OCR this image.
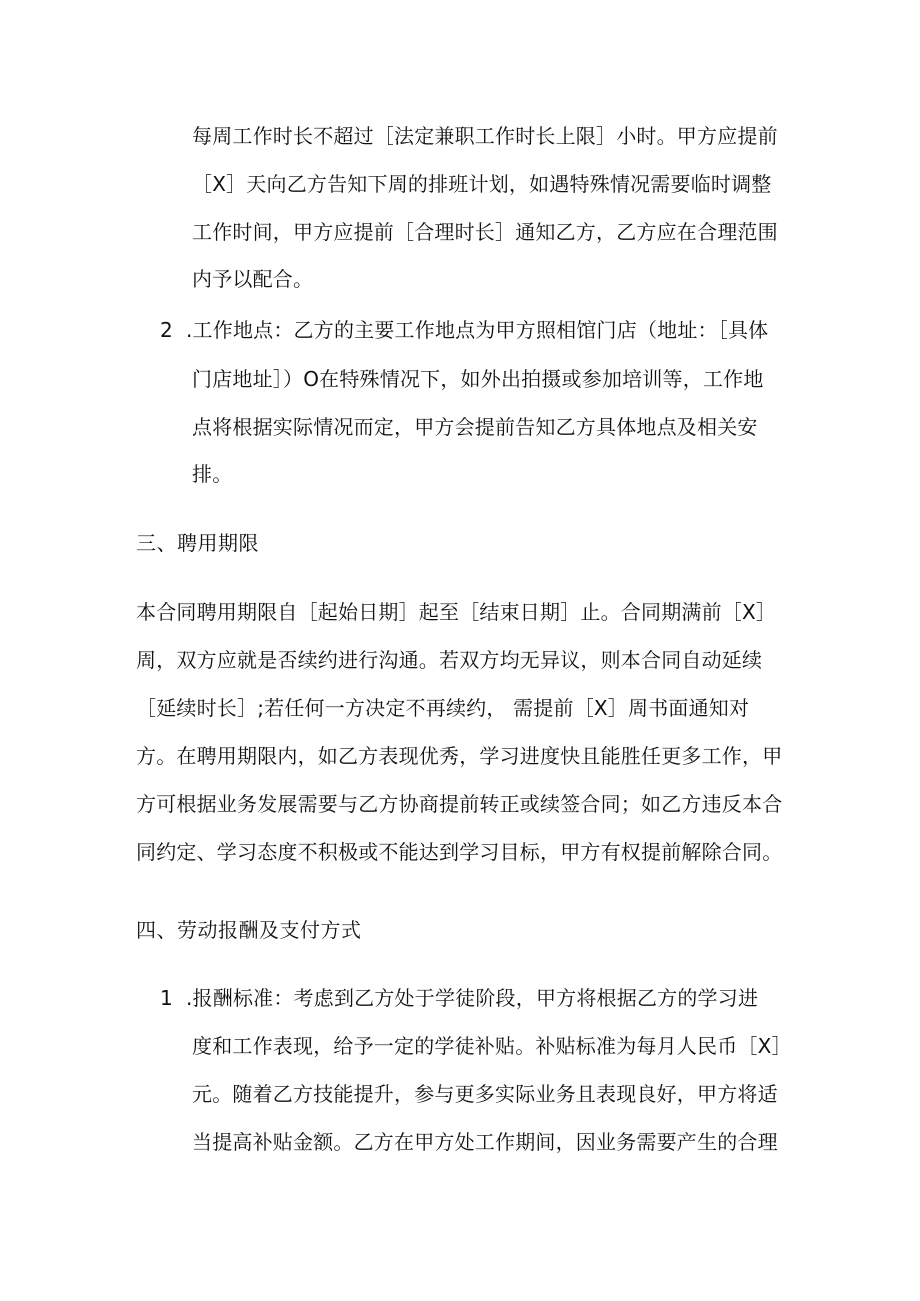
每周工作时长不超过［法定兼职工作时长上限］小时。甲方应提前
［X］天向乙方告知下周的排班计划，如遇特殊情况需要临时调整
工作时间，甲方应提前［合理时长］通知乙方，乙方应在合理范围
内予以配合。
2 .工作地点：乙方的主要工作地点为甲方照相馆门店（地址：［具体
门店地址］）O在特殊情况下，如外出拍摄或参加培训等，工作地
点将根据实际情况而定，甲方会提前告知乙方具体地点及相关安
排。
三、聘用期限
本合同聘用期限自［起始日期］起至［结束日期］止。合同期满前［X］
周，双方应就是否续约进行沟通。若双方均无异议，则本合同自动延续
［延续时长］;若任何一方决定不再续约， 需提前［X］周书面通知对
方。在聘用期限内，如乙方表现优秀，学习进度快且能胜任更多工作，甲
方可根据业务发展需要与乙方协商提前转正或续签合同；如乙方违反本合
同约定、学习态度不积极或不能达到学习目标，甲方有权提前解除合同。
四、劳动报酬及支付方式
1 .报酬标准：考虑到乙方处于学徒阶段，甲方将根据乙方的学习进
度和工作表现，给予一定的学徒补贴。补贴标准为每月人民币［X］
元。随着乙方技能提升，参与更多实际业务且表现良好，甲方将适
当提高补贴金额。乙方在甲方处工作期间，因业务需要产生的合理
